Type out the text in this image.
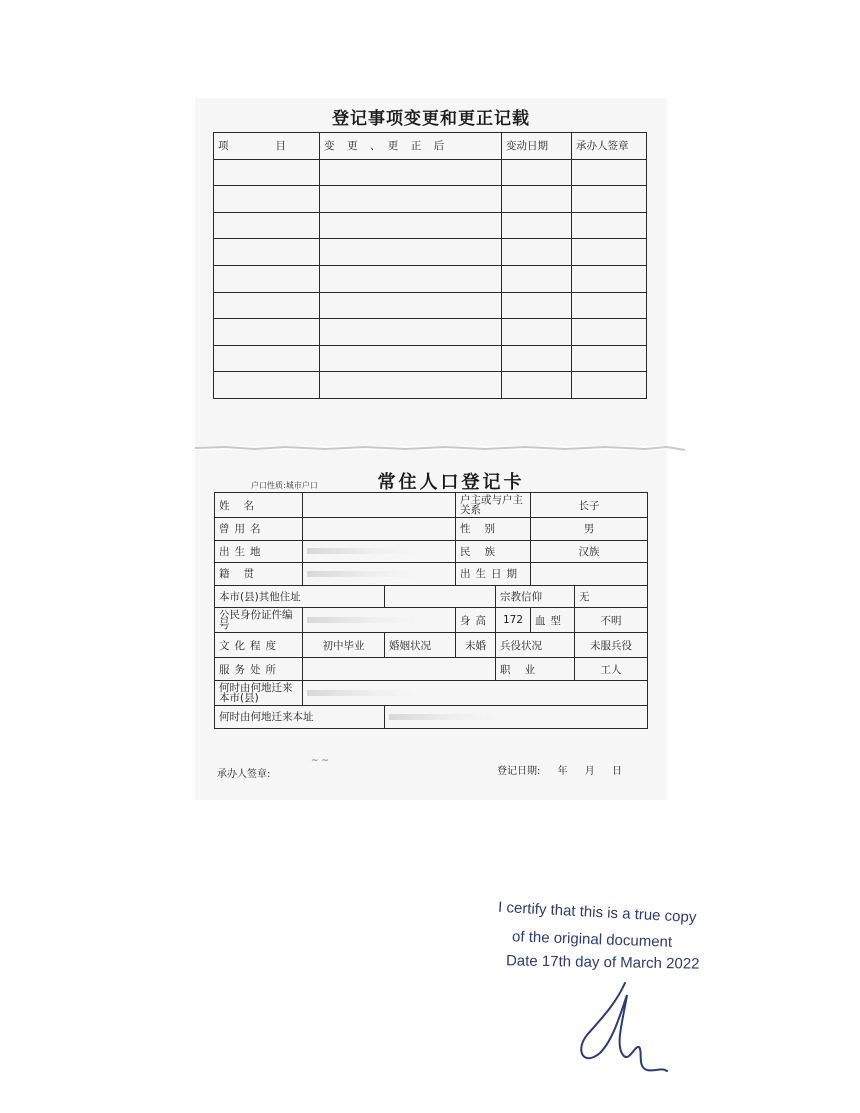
登记事项变更和更正记载
项　　　　目	变　更　、　更　正　后	变动日期	承办人签章

户口性质:城市户口	常住人口登记卡
姓名			户主或与户主关系		长子	
曾用名			性别		男	
出生地			民族		汉族	
籍贯			出生日期			
本市(县)其他住址				宗教信仰		无
公民身份证件编号			身高	172	血型	不明
文化程度	初中毕业	婚姻状况	未婚	兵役状况		未服兵役
服务处所				职业		工人
何时由何地迁来本市(县)						
何时由何地迁来本址						
承办人签章:
~ ~
登记日期: 年 月 日
I certify that this is a true copy
of the original document
Date 17th day of March 2022
